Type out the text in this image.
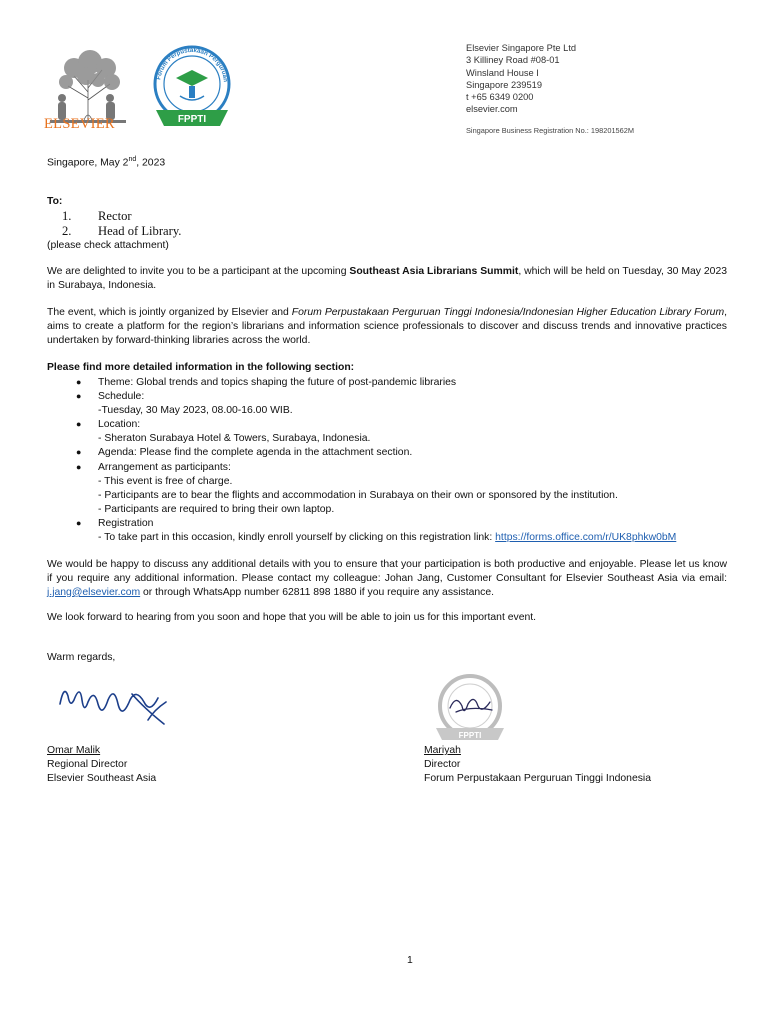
ELSEVIER
Forum Perpustakaan Perguruan
FPPTI
Elsevier Singapore Pte Ltd
3 Killiney Road #08-01
Winsland House I
Singapore 239519
t +65 6349 0200
elsevier.com
Singapore Business Registration No.: 198201562M
Singapore, May 2nd, 2023
To:
1. Rector
2. Head of Library.
(please check attachment)
We are delighted to invite you to be a participant at the upcoming Southeast Asia Librarians Summit, which will be held on Tuesday, 30 May 2023 in Surabaya, Indonesia.
The event, which is jointly organized by Elsevier and Forum Perpustakaan Perguruan Tinggi Indonesia/Indonesian Higher Education Library Forum, aims to create a platform for the region’s librarians and information science professionals to discover and discuss trends and innovative practices undertaken by forward-thinking libraries across the world.
Please find more detailed information in the following section:
● Theme: Global trends and topics shaping the future of post-pandemic libraries
● Schedule:
-Tuesday, 30 May 2023, 08.00-16.00 WIB.
● Location:
- Sheraton Surabaya Hotel & Towers, Surabaya, Indonesia.
● Agenda: Please find the complete agenda in the attachment section.
● Arrangement as participants:
- This event is free of charge.
- Participants are to bear the flights and accommodation in Surabaya on their own or sponsored by the institution.
- Participants are required to bring their own laptop.
● Registration
- To take part in this occasion, kindly enroll yourself by clicking on this registration link: https://forms.office.com/r/UK8phkw0bM
We would be happy to discuss any additional details with you to ensure that your participation is both productive and enjoyable. Please let us know if you require any additional information. Please contact my colleague: Johan Jang, Customer Consultant for Elsevier Southeast Asia via email: j.jang@elsevier.com or through WhatsApp number 62811 898 1880 if you require any assistance.
We look forward to hearing from you soon and hope that you will be able to join us for this important event.
Warm regards,
FPPTI
Omar Malik
Regional Director
Elsevier Southeast Asia
Mariyah
Director
Forum Perpustakaan Perguruan Tinggi Indonesia
1
